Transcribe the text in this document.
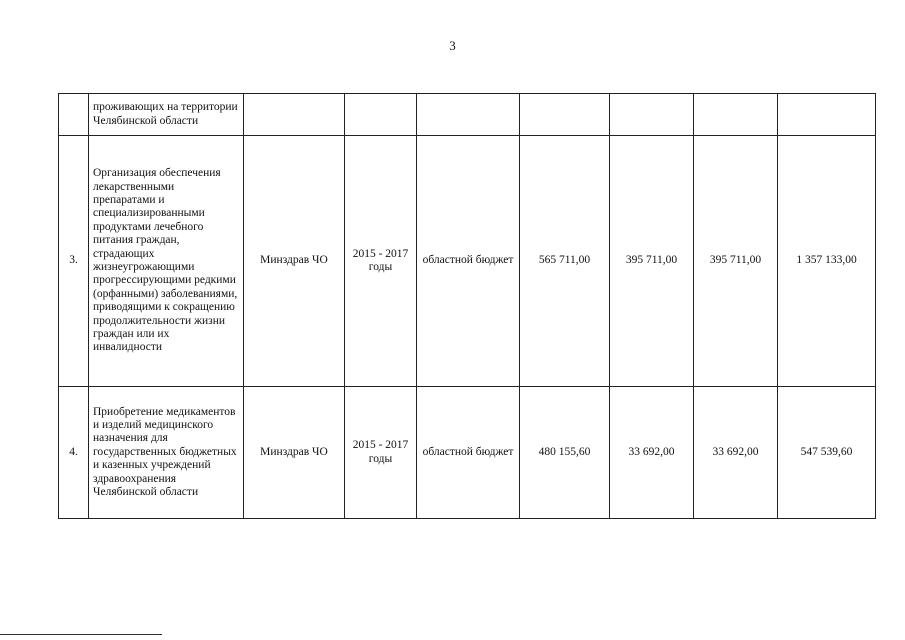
3
	проживающих на территории Челябинской области							
3.	Организация обеспечения лекарственными препаратами и специализированными продуктами лечебного питания граждан, страдающих жизнеугрожающими прогрессирующими редкими (орфанными) заболеваниями, приводящими к сокращению продолжительности жизни граждан или их инвалидности	Минздрав ЧО	2015 - 2017 годы	областной бюджет	565 711,00	395 711,00	395 711,00	1 357 133,00
4.	Приобретение медикаментов и изделий медицинского назначения для государственных бюджетных и казенных учреждений здравоохранения Челябинской области	Минздрав ЧО	2015 - 2017 годы	областной бюджет	480 155,60	33 692,00	33 692,00	547 539,60
